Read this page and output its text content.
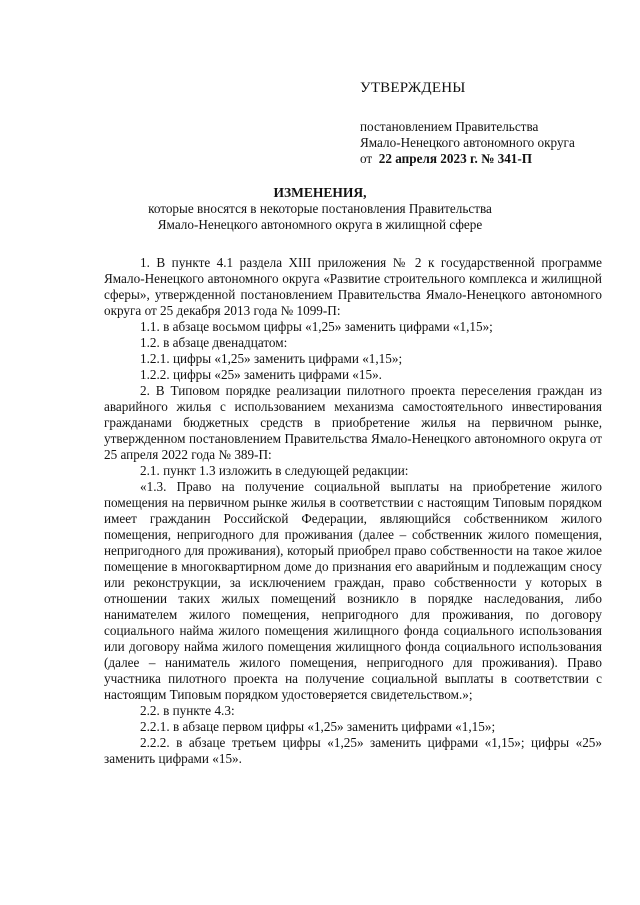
УТВЕРЖДЕНЫ
постановлением Правительства
Ямало-Ненецкого автономного округа
от 22 апреля 2023 г. № 341-П
ИЗМЕНЕНИЯ,
которые вносятся в некоторые постановления Правительства
Ямало-Ненецкого автономного округа в жилищной сфере

1. В пункте 4.1 раздела XIII приложения № 2 к государственной программе Ямало-Ненецкого автономного округа «Развитие строительного комплекса и жилищной сферы», утвержденной постановлением Правительства Ямало-Ненецкого автономного округа от 25 декабря 2013 года № 1099-П:

1.1. в абзаце восьмом цифры «1,25» заменить цифрами «1,15»;

1.2. в абзаце двенадцатом:

1.2.1. цифры «1,25» заменить цифрами «1,15»;

1.2.2. цифры «25» заменить цифрами «15».

2. В Типовом порядке реализации пилотного проекта переселения граждан из аварийного жилья с использованием механизма самостоятельного инвестирования гражданами бюджетных средств в приобретение жилья на первичном рынке, утвержденном постановлением Правительства Ямало-Ненецкого автономного округа от 25 апреля 2022 года № 389-П:

2.1. пункт 1.3 изложить в следующей редакции:

«1.3. Право на получение социальной выплаты на приобретение жилого помещения на первичном рынке жилья в соответствии с настоящим Типовым порядком имеет гражданин Российской Федерации, являющийся собственником жилого помещения, непригодного для проживания (далее – собственник жилого помещения, непригодного для проживания), который приобрел право собственности на такое жилое помещение в многоквартирном доме до признания его аварийным и подлежащим сносу или реконструкции, за исключением граждан, право собственности у которых в отношении таких жилых помещений возникло в порядке наследования, либо нанимателем жилого помещения, непригодного для проживания, по договору социального найма жилого помещения жилищного фонда социального использования или договору найма жилого помещения жилищного фонда социального использования (далее – наниматель жилого помещения, непригодного для проживания). Право участника пилотного проекта на получение социальной выплаты в соответствии с настоящим Типовым порядком удостоверяется свидетельством.»;

2.2. в пункте 4.3:

2.2.1. в абзаце первом цифры «1,25» заменить цифрами «1,15»;

2.2.2. в абзаце третьем цифры «1,25» заменить цифрами «1,15»; цифры «25» заменить цифрами «15».
